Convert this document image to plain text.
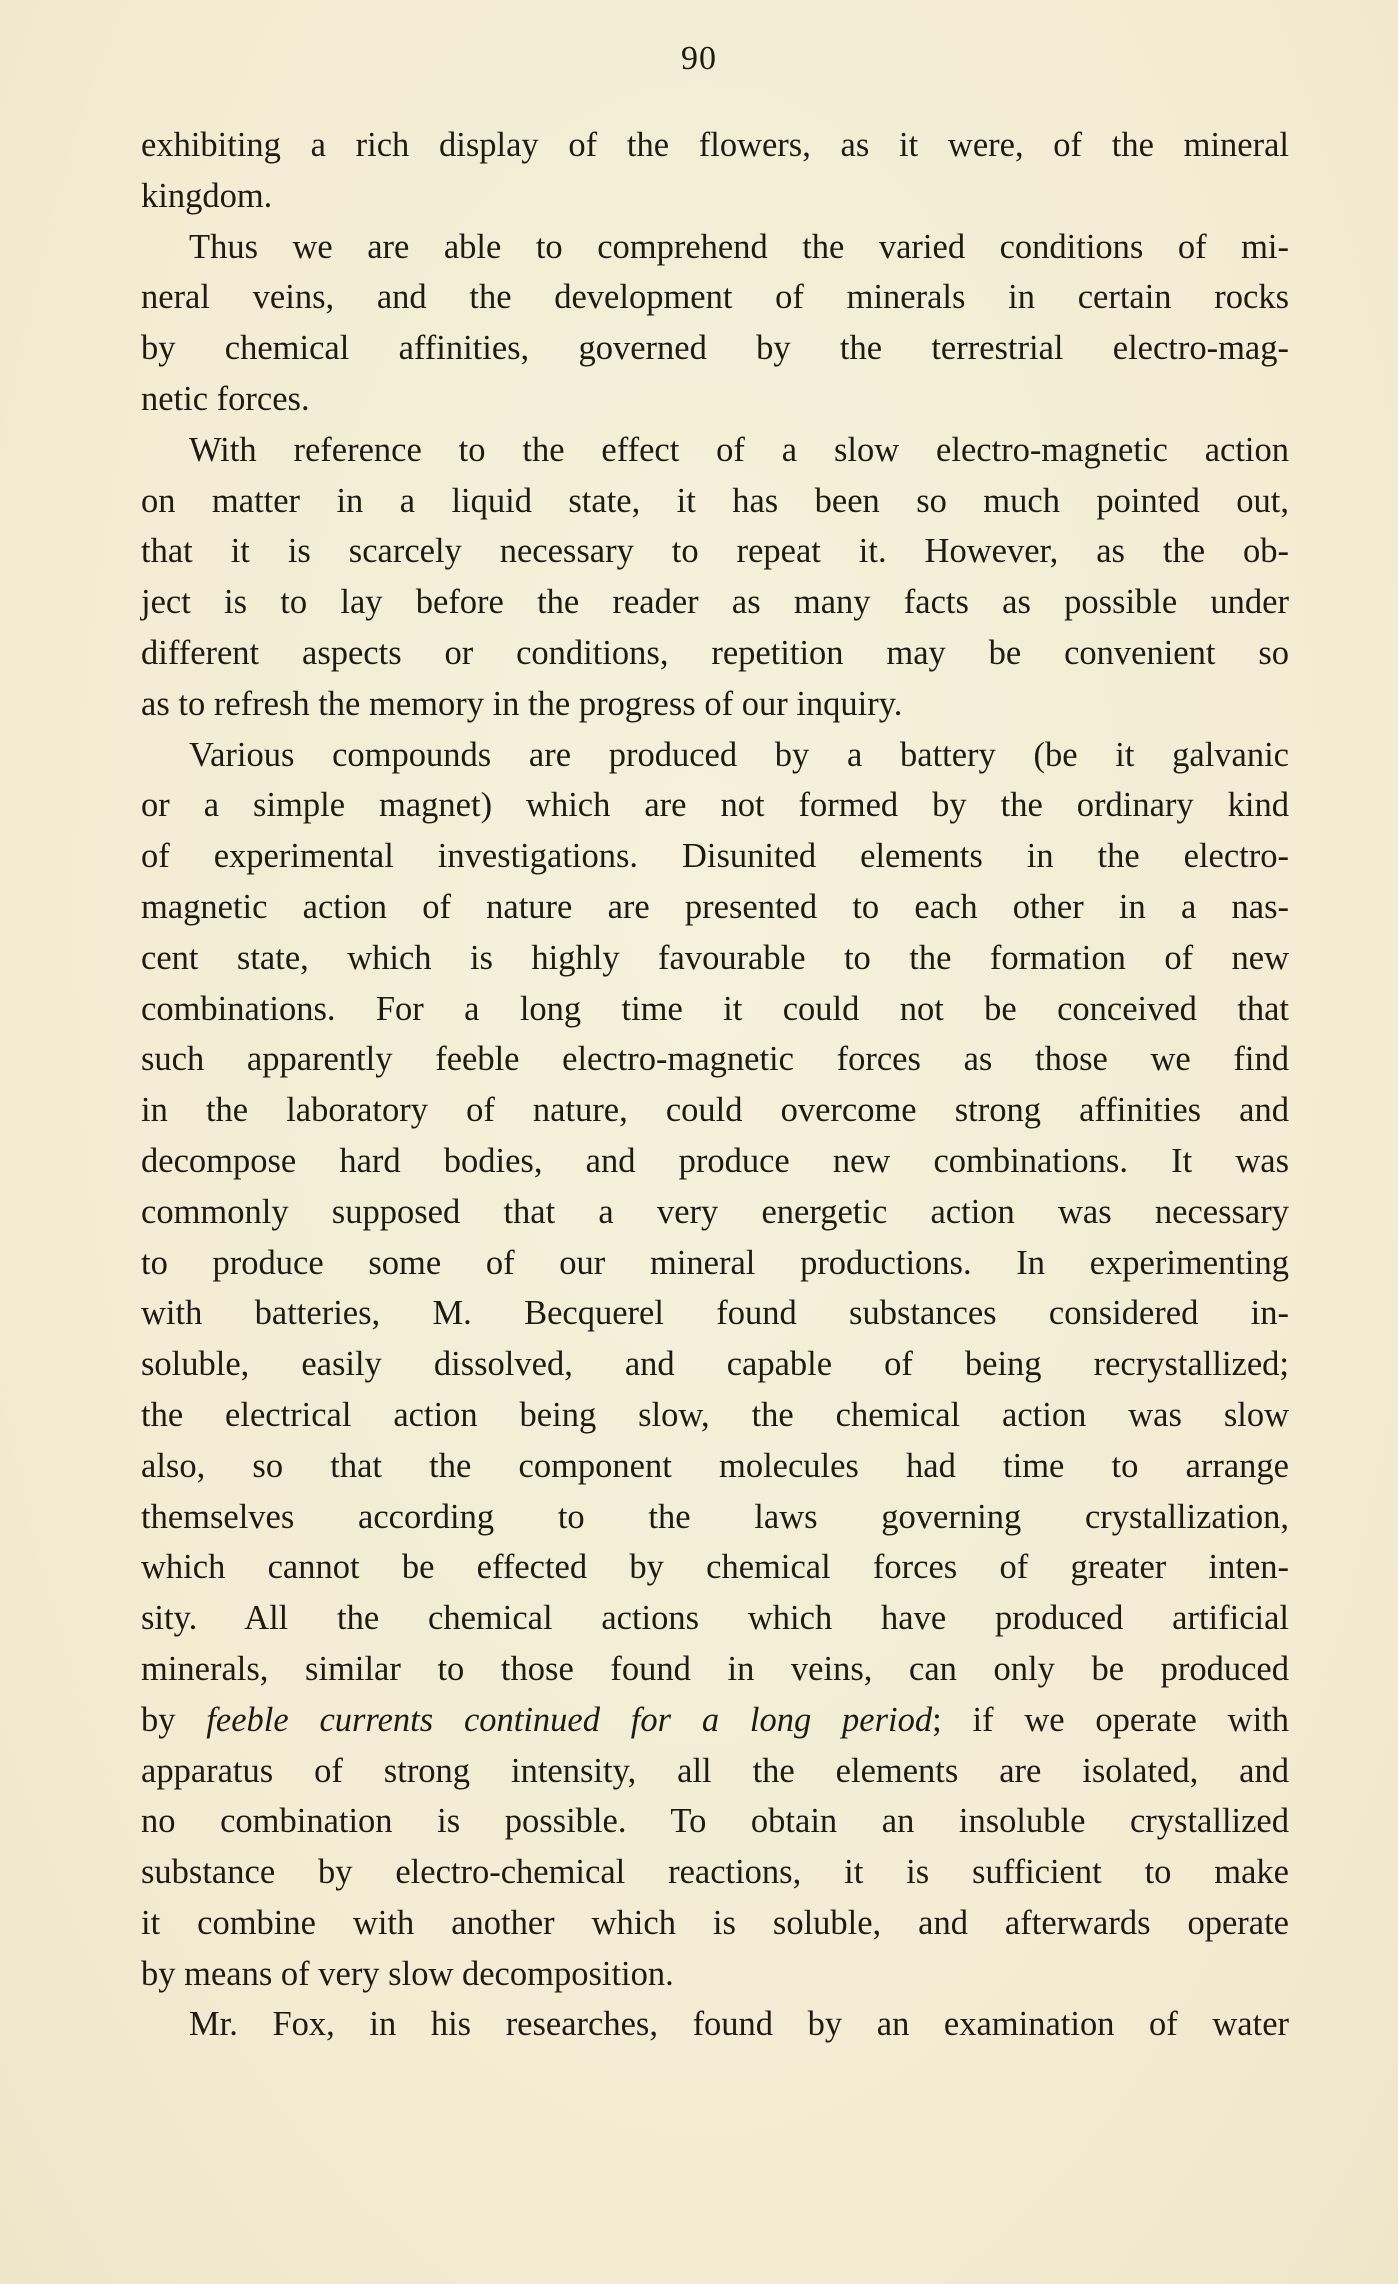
90
exhibiting a rich display of the flowers, as it were, of the mineral
kingdom.
Thus we are able to comprehend the varied conditions of mi-
neral veins, and the development of minerals in certain rocks
by chemical affinities, governed by the terrestrial electro-mag-
netic forces.
With reference to the effect of a slow electro-magnetic action
on matter in a liquid state, it has been so much pointed out,
that it is scarcely necessary to repeat it. However, as the ob-
ject is to lay before the reader as many facts as possible under
different aspects or conditions, repetition may be convenient so
as to refresh the memory in the progress of our inquiry.
Various compounds are produced by a battery (be it galvanic
or a simple magnet) which are not formed by the ordinary kind
of experimental investigations. Disunited elements in the electro-
magnetic action of nature are presented to each other in a nas-
cent state, which is highly favourable to the formation of new
combinations. For a long time it could not be conceived that
such apparently feeble electro-magnetic forces as those we find
in the laboratory of nature, could overcome strong affinities and
decompose hard bodies, and produce new combinations. It was
commonly supposed that a very energetic action was necessary
to produce some of our mineral productions. In experimenting
with batteries, M. Becquerel found substances considered in-
soluble, easily dissolved, and capable of being recrystallized;
the electrical action being slow, the chemical action was slow
also, so that the component molecules had time to arrange
themselves according to the laws governing crystallization,
which cannot be effected by chemical forces of greater inten-
sity. All the chemical actions which have produced artificial
minerals, similar to those found in veins, can only be produced
by feeble currents continued for a long period; if we operate with
apparatus of strong intensity, all the elements are isolated, and
no combination is possible. To obtain an insoluble crystallized
substance by electro-chemical reactions, it is sufficient to make
it combine with another which is soluble, and afterwards operate
by means of very slow decomposition.
Mr. Fox, in his researches, found by an examination of water
